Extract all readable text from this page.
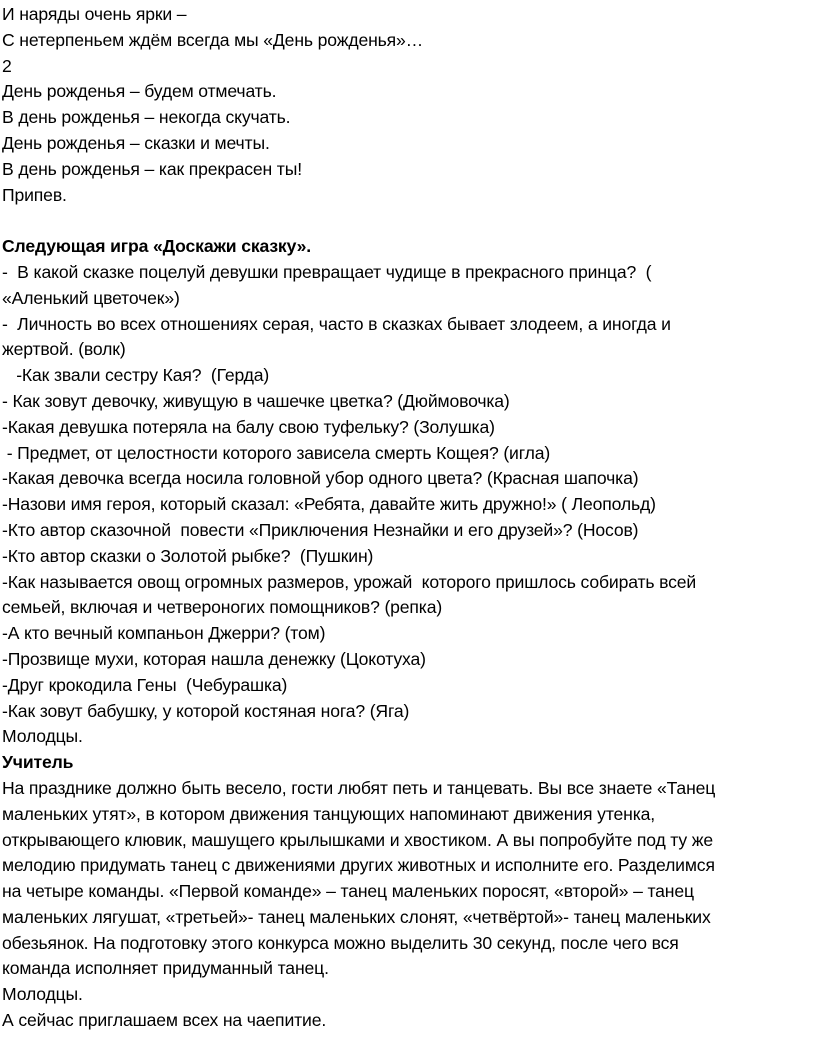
И наряды очень ярки –

С нетерпеньем ждём всегда мы «День рожденья»…

2

День рожденья – будем отмечать.

В день рожденья – некогда скучать.

День рожденья – сказки и мечты.

В день рожденья – как прекрасен ты!

Припев.

Следующая игра «Доскажи сказку».

-  В какой сказке поцелуй девушки превращает чудище в прекрасного принца?  (

«Аленький цветочек»)

-  Личность во всех отношениях серая, часто в сказках бывает злодеем, а иногда и

жертвой. (волк)

-Как звали сестру Кая?  (Герда)

- Как зовут девочку, живущую в чашечке цветка? (Дюймовочка)

-Какая девушка потеряла на балу свою туфельку? (Золушка)

- Предмет, от целостности которого зависела смерть Кощея? (игла)

-Какая девочка всегда носила головной убор одного цвета? (Красная шапочка)

-Назови имя героя, который сказал: «Ребята, давайте жить дружно!» ( Леопольд)

-Кто автор сказочной  повести «Приключения Незнайки и его друзей»? (Носов)

-Кто автор сказки о Золотой рыбке?  (Пушкин)

-Как называется овощ огромных размеров, урожай  которого пришлось собирать всей

семьей, включая и четвероногих помощников? (репка)

-А кто вечный компаньон Джерри? (том)

-Прозвище мухи, которая нашла денежку (Цокотуха)

-Друг крокодила Гены  (Чебурашка)

-Как зовут бабушку, у которой костяная нога? (Яга)

Молодцы.

Учитель

На празднике должно быть весело, гости любят петь и танцевать. Вы все знаете «Танец

маленьких утят», в котором движения танцующих напоминают движения утенка,

открывающего клювик, машущего крылышками и хвостиком. А вы попробуйте под ту же

мелодию придумать танец с движениями других животных и исполните его. Разделимся

на четыре команды. «Первой команде» – танец маленьких поросят, «второй» – танец

маленьких лягушат, «третьей»- танец маленьких слонят, «четвёртой»- танец маленьких

обезьянок. На подготовку этого конкурса можно выделить 30 секунд, после чего вся

команда исполняет придуманный танец.

Молодцы.

А сейчас приглашаем всех на чаепитие.
